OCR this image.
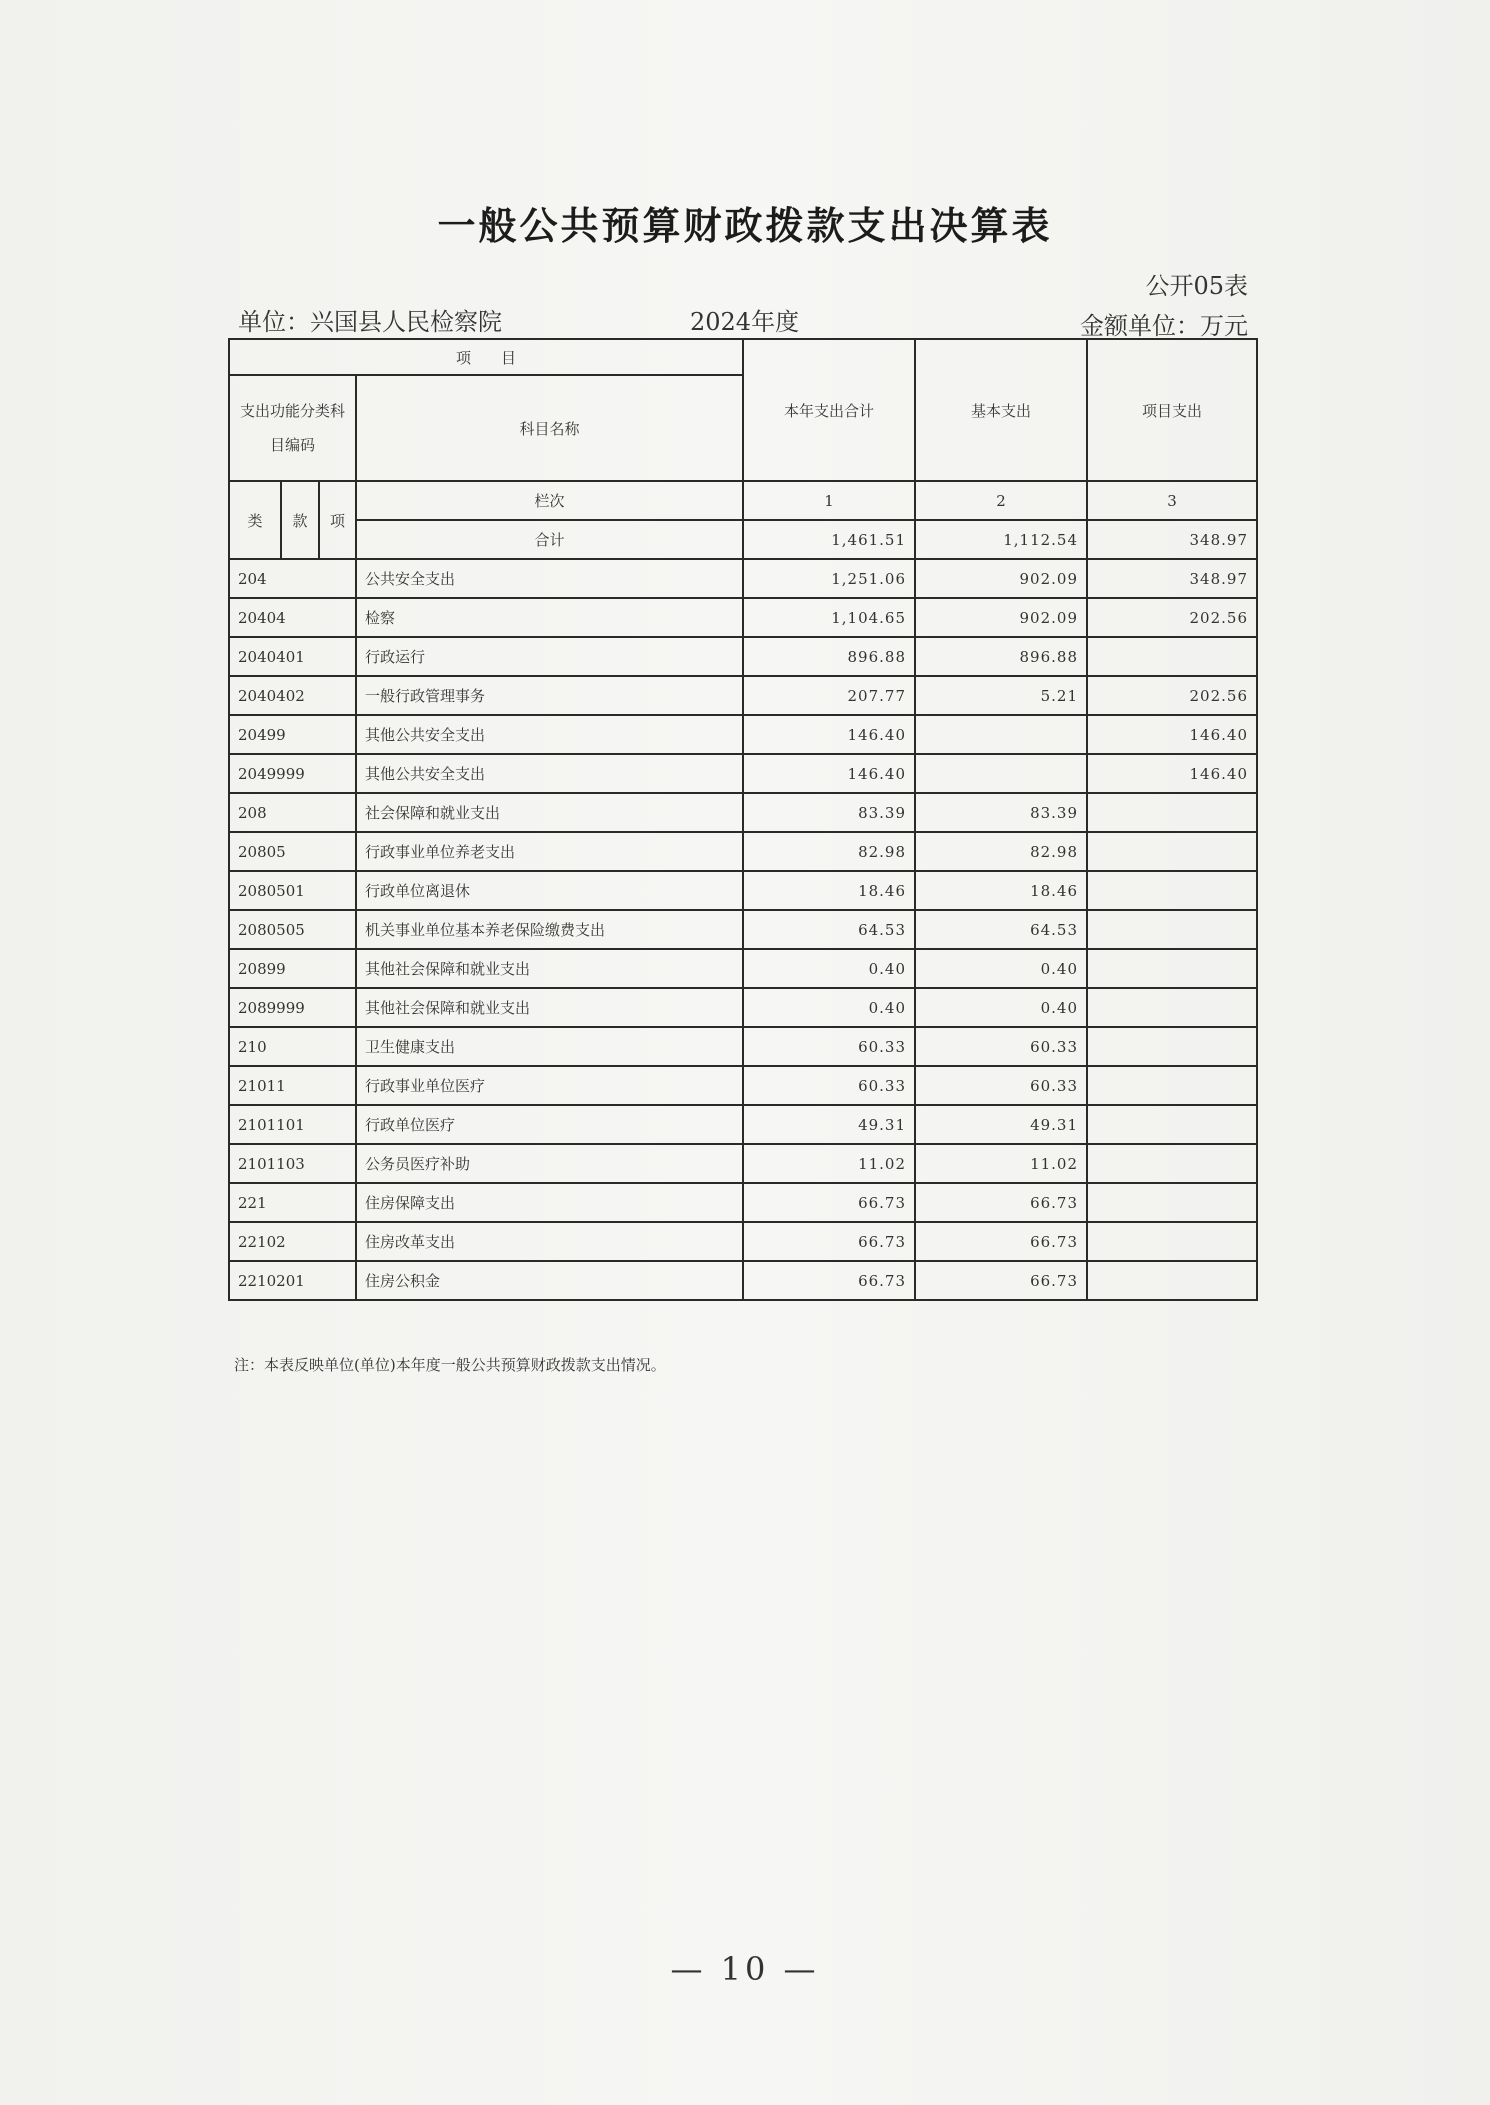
一般公共预算财政拨款支出决算表
公开05表
单位：兴国县人民检察院	2024年度	金额单位：万元
项　　目				本年支出合计	基本支出	项目支出

支出功能分类科目编码			科目名称			
类	款	项	栏次	1	2	3
			合计	1,461.51	1,112.54	348.97
204			公共安全支出	1,251.06	902.09	348.97
20404			检察	1,104.65	902.09	202.56
2040401			行政运行	896.88	896.88	
2040402			一般行政管理事务	207.77	5.21	202.56
20499			其他公共安全支出	146.40		146.40
2049999			其他公共安全支出	146.40		146.40
208			社会保障和就业支出	83.39	83.39	
20805			行政事业单位养老支出	82.98	82.98	
2080501			行政单位离退休	18.46	18.46	
2080505			机关事业单位基本养老保险缴费支出	64.53	64.53	
20899			其他社会保障和就业支出	0.40	0.40	
2089999			其他社会保障和就业支出	0.40	0.40	
210			卫生健康支出	60.33	60.33	
21011			行政事业单位医疗	60.33	60.33	
2101101			行政单位医疗	49.31	49.31	
2101103			公务员医疗补助	11.02	11.02	
221			住房保障支出	66.73	66.73	
22102			住房改革支出	66.73	66.73	
2210201			住房公积金	66.73	66.73	
注：本表反映单位(单位)本年度一般公共预算财政拨款支出情况。
— 10 —
